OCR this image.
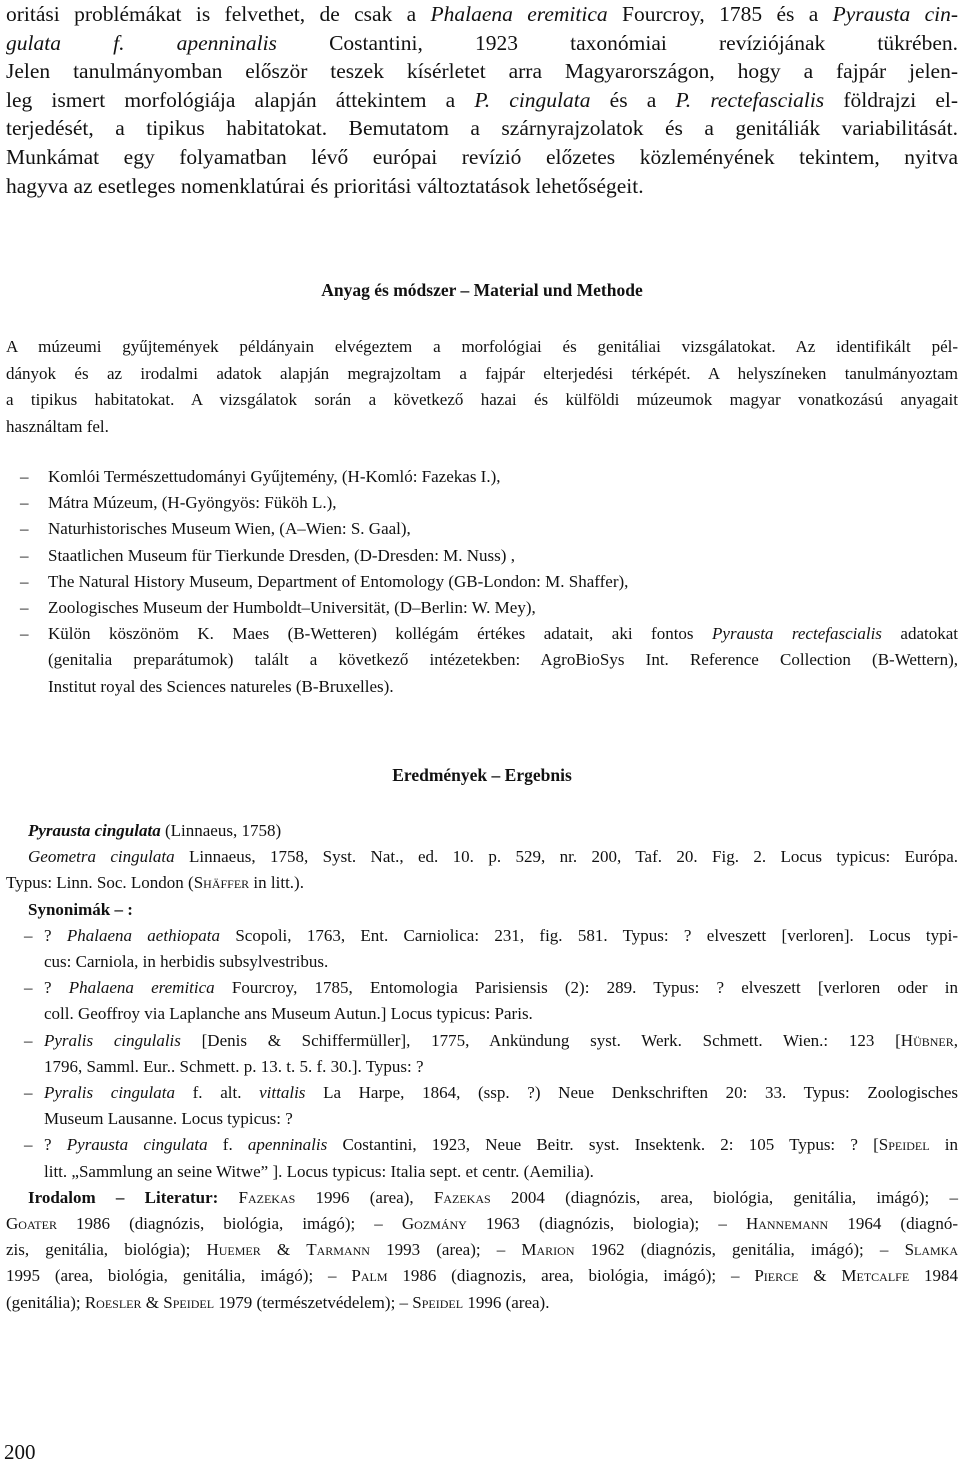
oritási problémákat is felvethet, de csak a Phalaena eremitica Fourcroy, 1785 és a Pyrausta cin-
gulata f. apenninalis Costantini, 1923 taxonómiai revíziójának tükrében.
Jelen tanulmányomban először teszek kísérletet arra Magyarországon, hogy a fajpár jelen-
leg ismert morfológiája alapján áttekintem a P. cingulata és a P. rectefascialis földrajzi el-
terjedését, a tipikus habitatokat. Bemutatom a szárnyrajzolatok és a genitáliák variabilitását.
Munkámat egy folyamatban lévő európai revízió előzetes közleményének tekintem, nyitva
hagyva az esetleges nomenklatúrai és prioritási változtatások lehetőségeit.
Anyag és módszer – Material und Methode
A múzeumi gyűjtemények példányain elvégeztem a morfológiai és genitáliai vizsgálatokat. Az identifikált pél-
dányok és az irodalmi adatok alapján megrajzoltam a fajpár elterjedési térképét. A helyszíneken tanulmányoztam
a tipikus habitatokat. A vizsgálatok során a következő hazai és külföldi múzeumok magyar vonatkozású anyagait
használtam fel.
– Komlói Természettudományi Gyűjtemény, (H-Komló: Fazekas I.),
– Mátra Múzeum, (H-Gyöngyös: Füköh L.),
– Naturhistorisches Museum Wien, (A–Wien: S. Gaal),
– Staatlichen Museum für Tierkunde Dresden, (D-Dresden: M. Nuss) ,
– The Natural History Museum, Department of Entomology (GB-London: M. Shaffer),
– Zoologisches Museum der Humboldt–Universität, (D–Berlin: W. Mey),
– Külön köszönöm K. Maes (B-Wetteren) kollégám értékes adatait, aki fontos Pyrausta rectefascialis adatokat
(genitalia preparátumok) talált a következő intézetekben: AgroBioSys Int. Reference Collection (B-Wettern),
Institut royal des Sciences natureles (B-Bruxelles).
Eredmények – Ergebnis
Pyrausta cingulata (Linnaeus, 1758)
Geometra cingulata Linnaeus, 1758, Syst. Nat., ed. 10. p. 529, nr. 200, Taf. 20. Fig. 2. Locus typicus: Európa.
Typus: Linn. Soc. London (Shäffer in litt.).
Synonimák – :
– ? Phalaena aethiopata Scopoli, 1763, Ent. Carniolica: 231, fig. 581. Typus: ? elveszett [verloren]. Locus typi-
cus: Carniola, in herbidis subsylvestribus.
– ? Phalaena eremitica Fourcroy, 1785, Entomologia Parisiensis (2): 289. Typus: ? elveszett [verloren oder in
coll. Geoffroy via Laplanche ans Museum Autun.] Locus typicus: Paris.
– Pyralis cingulalis [Denis & Schiffermüller], 1775, Ankündung syst. Werk. Schmett. Wien.: 123 [Hübner,
1796, Samml. Eur.. Schmett. p. 13. t. 5. f. 30.]. Typus: ?
– Pyralis cingulata f. alt. vittalis La Harpe, 1864, (ssp. ?) Neue Denkschriften 20: 33. Typus: Zoologisches
Museum Lausanne. Locus typicus: ?
– ? Pyrausta cingulata f. apenninalis Costantini, 1923, Neue Beitr. syst. Insektenk. 2: 105 Typus: ? [Speidel in
litt. „Sammlung an seine Witwe” ]. Locus typicus: Italia sept. et centr. (Aemilia).
Irodalom – Literatur: Fazekas 1996 (area), Fazekas 2004 (diagnózis, area, biológia, genitália, imágó); –
Goater 1986 (diagnózis, biológia, imágó); – Gozmány 1963 (diagnózis, biologia); – Hannemann 1964 (diagnó-
zis, genitália, biológia); Huemer & Tarmann 1993 (area); – Marion 1962 (diagnózis, genitália, imágó); – Slamka
1995 (area, biológia, genitália, imágó); – Palm 1986 (diagnozis, area, biológia, imágó); – Pierce & Metcalfe 1984
(genitália); Roesler & Speidel 1979 (természetvédelem); – Speidel 1996 (area).
200
